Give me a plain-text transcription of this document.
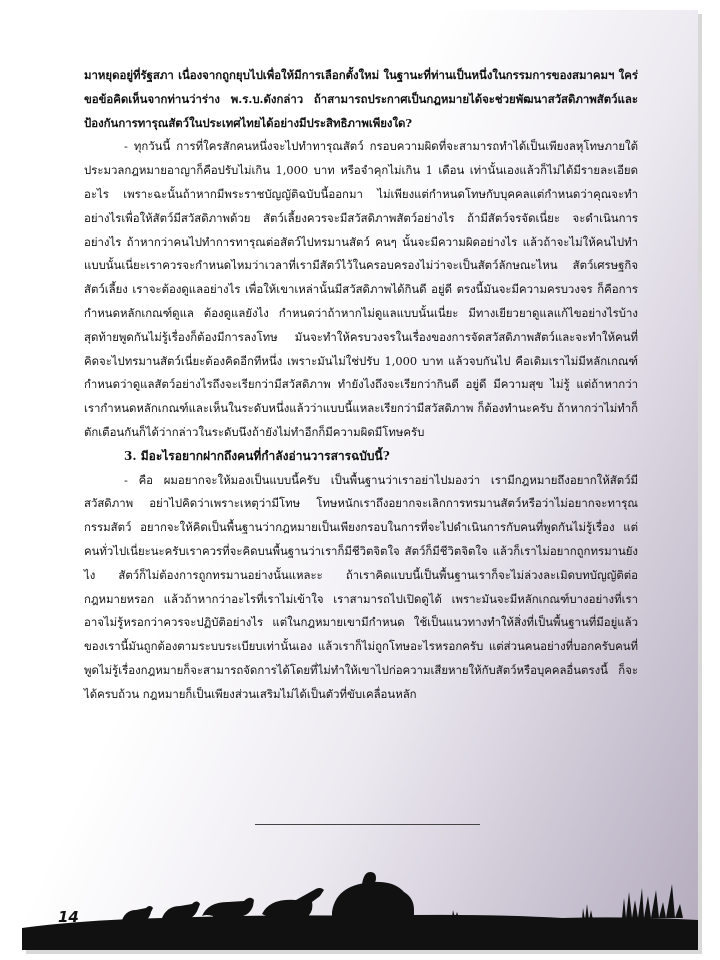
มาหยุดอยู่ที่รัฐสภา เนื่องจากถูกยุบไปเพื่อให้มีการเลือกตั้งใหม่ ในฐานะที่ท่านเป็นหนึ่งในกรรมการของสมาคมฯ ใคร่ขอข้อคิดเห็นจากท่านว่าร่าง พ.ร.บ.ดังกล่าว ถ้าสามารถประกาศเป็นกฎหมายได้จะช่วยพัฒนาสวัสดิภาพสัตว์และป้องกันการทารุณสัตว์ในประเทศไทยได้อย่างมีประสิทธิภาพเพียงใด?

- ทุกวันนี้ การที่ใครสักคนหนึ่งจะไปทำทารุณสัตว์ กรอบความผิดที่จะสามารถทำได้เป็นเพียงลหุโทษภายใต้ประมวลกฎหมายอาญาก็คือปรับไม่เกิน 1,000 บาท หรือจำคุกไม่เกิน 1 เดือน เท่านั้นเองแล้วก็ไม่ได้มีรายละเอียดอะไร เพราะฉะนั้นถ้าหากมีพระราชบัญญัติฉบับนี้ออกมา ไม่เพียงแต่กำหนดโทษกับบุคคลแต่กำหนดว่าคุณจะทำอย่างไรเพื่อให้สัตว์มีสวัสดิภาพด้วย สัตว์เลี้ยงควรจะมีสวัสดิภาพสัตว์อย่างไร ถ้ามีสัตว์จรจัดเนี่ยะ จะดำเนินการอย่างไร ถ้าหากว่าคนไปทำการทารุณต่อสัตว์ไปทรมานสัตว์ คนๆ นั้นจะมีความผิดอย่างไร แล้วถ้าจะไม่ให้คนไปทำแบบนั้นเนี่ยะเราควรจะกำหนดไหมว่าเวลาที่เรามีสัตว์ไว้ในครอบครองไม่ว่าจะเป็นสัตว์ลักษณะไหน สัตว์เศรษฐกิจ สัตว์เลี้ยง เราจะต้องดูแลอย่างไร เพื่อให้เขาเหล่านั้นมีสวัสดิภาพได้กินดี อยู่ดี ตรงนี้มันจะมีความครบวงจร ก็คือการกำหนดหลักเกณฑ์ดูแล ต้องดูแลยังไง กำหนดว่าถ้าหากไม่ดูแลแบบนั้นเนี่ยะ มีทางเยียวยาดูแลแก้ไขอย่างไรบ้าง สุดท้ายพูดกันไม่รู้เรื่องก็ต้องมีการลงโทษ มันจะทำให้ครบวงจรในเรื่องของการจัดสวัสดิภาพสัตว์และจะทำให้คนที่คิดจะไปทรมานสัตว์เนี่ยะต้องคิดอีกทีหนึ่ง เพราะมันไม่ใช่ปรับ 1,000 บาท แล้วจบกันไป คือเดิมเราไม่มีหลักเกณฑ์กำหนดว่าดูแลสัตว์อย่างไรถึงจะเรียกว่ามีสวัสดิภาพ ทำยังไงถึงจะเรียกว่ากินดี อยู่ดี มีความสุข ไม่รู้ แต่ถ้าหากว่าเรากำหนดหลักเกณฑ์และเห็นในระดับหนึ่งแล้วว่าแบบนี้แหละเรียกว่ามีสวัสดิภาพ ก็ต้องทำนะครับ ถ้าหากว่าไม่ทำก็ตักเตือนกันก็ได้ว่ากล่าวในระดับนึงถ้ายังไม่ทำอีกก็มีความผิดมีโทษครับ

3. มีอะไรอยากฝากถึงคนที่กำลังอ่านวารสารฉบับนี้?

- คือ ผมอยากจะให้มองเป็นแบบนี้ครับ เป็นพื้นฐานว่าเราอย่าไปมองว่า เรามีกฎหมายถึงอยากให้สัตว์มีสวัสดิภาพ อย่าไปคิดว่าเพราะเหตุว่ามีโทษ โทษหนักเราถึงอยากจะเลิกการทรมานสัตว์หรือว่าไม่อยากจะทารุณกรรมสัตว์ อยากจะให้คิดเป็นพื้นฐานว่ากฎหมายเป็นเพียงกรอบในการที่จะไปดำเนินการกับคนที่พูดกันไม่รู้เรื่อง แต่คนทั่วไปเนี่ยะนะครับเราควรที่จะคิดบนพื้นฐานว่าเราก็มีชีวิตจิตใจ สัตว์ก็มีชีวิตจิตใจ แล้วก็เราไม่อยากถูกทรมานยังไง สัตว์ก็ไม่ต้องการถูกทรมานอย่างนั้นแหละะ ถ้าเราคิดแบบนี้เป็นพื้นฐานเราก็จะไม่ล่วงละเมิดบทบัญญัติต่อกฎหมายหรอก แล้วถ้าหากว่าอะไรที่เราไม่เข้าใจ เราสามารถไปเปิดดูได้ เพราะมันจะมีหลักเกณฑ์บางอย่างที่เราอาจไม่รู้หรอกว่าควรจะปฏิบัติอย่างไร แต่ในกฎหมายเขามีกำหนด ใช้เป็นแนวทางทำให้สิ่งที่เป็นพื้นฐานที่มีอยู่แล้วของเรานี้มันถูกต้องตามระบบระเบียบเท่านั้นเอง แล้วเราก็ไม่ถูกโทษอะไรหรอกครับ แต่ส่วนคนอย่างที่บอกครับคนที่พูดไม่รู้เรื่องกฎหมายก็จะสามารถจัดการได้โดยที่ไม่ทำให้เขาไปก่อความเสียหายให้กับสัตว์หรือบุคคลอื่นตรงนี้ ก็จะได้ครบถ้วน กฎหมายก็เป็นเพียงส่วนเสริมไม่ได้เป็นตัวที่ขับเคลื่อนหลัก

14
